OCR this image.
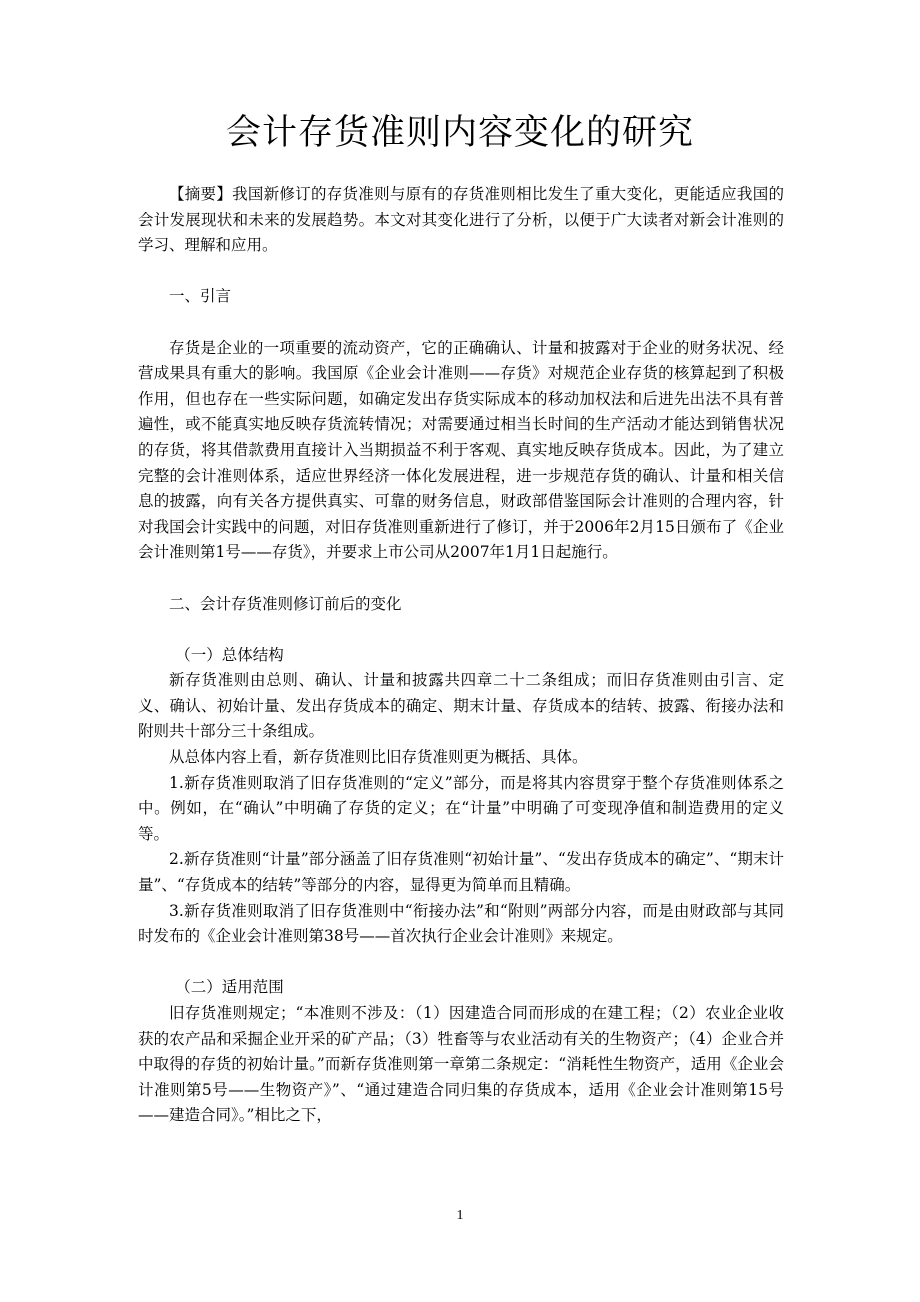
会计存货准则内容变化的研究

【摘要】我国新修订的存货准则与原有的存货准则相比发生了重大变化，更能适应我国的会计发展现状和未来的发展趋势。本文对其变化进行了分析，以便于广大读者对新会计准则的学习、理解和应用。

一、引言

存货是企业的一项重要的流动资产，它的正确确认、计量和披露对于企业的财务状况、经营成果具有重大的影响。我国原《企业会计准则——存货》对规范企业存货的核算起到了积极作用，但也存在一些实际问题，如确定发出存货实际成本的移动加权法和后进先出法不具有普遍性，或不能真实地反映存货流转情况；对需要通过相当长时间的生产活动才能达到销售状况的存货，将其借款费用直接计入当期损益不利于客观、真实地反映存货成本。因此，为了建立完整的会计准则体系，适应世界经济一体化发展进程，进一步规范存货的确认、计量和相关信息的披露，向有关各方提供真实、可靠的财务信息，财政部借鉴国际会计准则的合理内容，针对我国会计实践中的问题，对旧存货准则重新进行了修订，并于2006年2月15日颁布了《企业会计准则第1号——存货》，并要求上市公司从2007年1月1日起施行。

二、会计存货准则修订前后的变化

（一）总体结构

新存货准则由总则、确认、计量和披露共四章二十二条组成；而旧存货准则由引言、定义、确认、初始计量、发出存货成本的确定、期末计量、存货成本的结转、披露、衔接办法和附则共十部分三十条组成。

从总体内容上看，新存货准则比旧存货准则更为概括、具体。

1.新存货准则取消了旧存货准则的“定义”部分，而是将其内容贯穿于整个存货准则体系之中。例如，在“确认”中明确了存货的定义；在“计量”中明确了可变现净值和制造费用的定义等。

2.新存货准则“计量”部分涵盖了旧存货准则“初始计量”、“发出存货成本的确定”、“期末计量”、“存货成本的结转”等部分的内容，显得更为简单而且精确。

3.新存货准则取消了旧存货准则中“衔接办法”和“附则”两部分内容，而是由财政部与其同时发布的《企业会计准则第38号——首次执行企业会计准则》来规定。

（二）适用范围

旧存货准则规定；“本准则不涉及：（1）因建造合同而形成的在建工程；（2）农业企业收获的农产品和采掘企业开采的矿产品；（3）牲畜等与农业活动有关的生物资产；（4）企业合并中取得的存货的初始计量。”而新存货准则第一章第二条规定：“消耗性生物资产，适用《企业会计准则第5号——生物资产》”、“通过建造合同归集的存货成本，适用《企业会计准则第15号——建造合同》。”相比之下，

1
